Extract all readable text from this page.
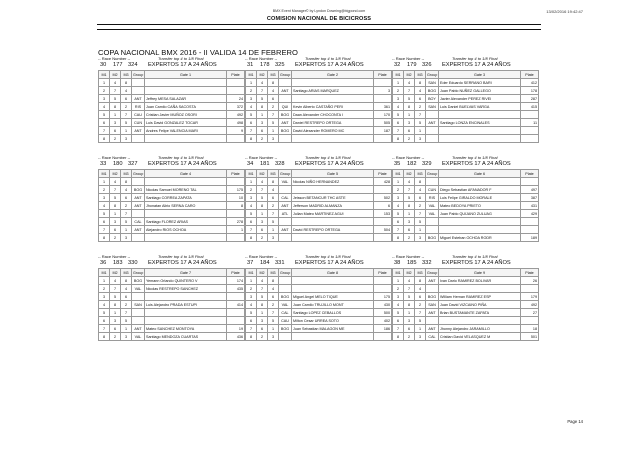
BMX Event Manager© by Lyndon Downing@bigpond.com	13/02/2016 19:42:47
COMISION NACIONAL DE BICICROSS
COPA NACIONAL BMX 2016 - II VALIDA 14 DE FEBRERO
-- Race Number --	Transfer top 4 to 1/8 Final
30 177 324 EXPERTOS 17 A 24 AÑOS
M1	M2	M3	Group	Gate 1	Plate
1	4	8			
2	7	4			
3	5	6	ANT	Jeffrey MESA SALAZAR	24
4	8	2	RIS	Juan Camilo CAÑA SACOSTA	372
5	1	7	CAU	Cristian Javier MUÑOZ OSORI	492
6	3	5	CUN	Luis David GONZALEZ TOCAR	498
7	6	1	ANT	Andres Felipe VALENCIA MARI	9
8	2	3			
-- Race Number --	Transfer top 4 to 1/8 Final
31 178 325 EXPERTOS 17 A 24 AÑOS
M1	M2	M3	Group	Gate 2	Plate
1	4	8			
2	7	4	ANT	Santiago ARIAS MARQUEZ	3
3	5	6			
4	8	2	QUI	Kevin Alberto CASTAÑO PERI	361
5	1	7	BOG	Daan Alexander CHOCONTA I	170
6	3	5	ANT	Daniel RESTREPO ORTEGA	505
7	6	1	BOG	David Alexander ROMERO MC	187
8	2	3			
-- Race Number --	Transfer top 4 to 1/8 Final
32 179 326 EXPERTOS 17 A 24 AÑOS
M1	M2	M3	Group	Gate 3	Plate
1	4	8	SAN	Eder Eduardo SERRANO BARI	412
2	7	4	BOG	Juan Pablo NUÑEZ GALLEGO	178
3	5	6	BOY	Javier Alexander PEREZ RIVEI	287
4	8	2	SAN	Luis Daniel BUELVAS VARGA	415
5	1	7			
6	3	5	ANT	Santiago LONZA ENCINALES	11
7	6	1			
8	2	3			
-- Race Number --	Transfer top 4 to 1/8 Final
33 180 327 EXPERTOS 17 A 24 AÑOS
M1	M2	M3	Group	Gate 4	Plate
1	4	8			
2	7	4	BOG	Nicolas Samuel MORENO TAL	175
3	5	6	ANT	Santiago CORREA ZAPATA	10
4	8	2	ANT	Jhonatan Alirio SERNA CARO	8
5	1	7			
6	3	5	CAL	Santiago FLOREZ ARIAS	278
7	6	1	ANT	Alejandro RIOS OCHOA	1
8	2	3			
-- Race Number --	Transfer top 4 to 1/8 Final
34 181 328 EXPERTOS 17 A 24 AÑOS
M1	M2	M3	Group	Gate 5	Plate
1	4	8	VAL	Nicolas NIÑO HERNANDEZ	428
2	7	4			
3	5	6	CAL	Jeisson BETANCUR THC ASTE	502
4	8	2	ANT	Jefferson MADRID ALMANZA	6
5	1	7	ATL	Julian Mateo MARTINEZ AGUI	153
6	3	5			
7	6	1	ANT	David RESTREPO ORTEGA	504
8	2	3			
-- Race Number --	Transfer top 4 to 1/8 Final
35 182 329 EXPERTOS 17 A 24 AÑOS
M1	M2	M3	Group	Gate 6	Plate
1	4	8			
2	7	4	CUN	Diego Sebastian AFANADOR F	497
3	5	6	RIS	Luis Felipe GIRALDO MORALE	387
4	8	2	VAL	Mateo BEDOYA PRIETO	431
5	1	7	VAL	Juan Pablo QUIJANO ZULUAG	429
6	3	5			
7	6	1			
8	2	3	BOG	Miguel Esteban OCHOA RODR	189
-- Race Number --	Transfer top 4 to 1/8 Final
36 183 330 EXPERTOS 17 A 24 AÑOS
M1	M2	M3	Group	Gate 7	Plate
1	4	8	BOG	Yemann Orlando QUINTERO V	174
2	7	4	VAL	Nicolas RESTREPO SANCHEZ	435
3	5	6			
4	8	2	SAN	Luis Alejandro PRADA ESTUPI	414
5	1	7			
6	3	5			
7	6	1	ANT	Mateo SANCHEZ MONTOYA	19
8	2	3	VAL	Santiago MENDOZA CUARTAS	436
-- Race Number --	Transfer top 4 to 1/8 Final
37 184 331 EXPERTOS 17 A 24 AÑOS
M1	M2	M3	Group	Gate 8	Plate
1	4	8			
2	7	4			
3	5	6	BOG	Miguel Angel MELO TIQUE	175
4	8	2	VAL	Juan Camilo TRUJILLO MONT	430
5	1	7	CAL	Santiago LOPEZ CEBALLOS	500
6	3	5	CAU	Milton Cesar URREA SOTO	402
7	6	1	BOG	Juan Sebastian MALAGON ME	186
8	2	3			
-- Race Number --	Transfer top 4 to 1/8 Final
38 185 332 EXPERTOS 17 A 24 AÑOS
M1	M2	M3	Group	Gate 9	Plate
1	4	8	ANT	Ivan Dario RAMIREZ BOLIVAR	26
2	7	4			
3	5	6	BOG	William Hernan RAMIREZ ESP	179
4	8	2	SAN	Juan David VIZCAINO PIÑA	492
5	1	7	ANT	Brian BUSTAMANTE ZAPATA	27
6	3	5			
7	6	1	ANT	Jhonny Alejandro JARAMILLO	18
8	2	3	CAL	Cristian David VELASQUEZ M	501
Page 14
